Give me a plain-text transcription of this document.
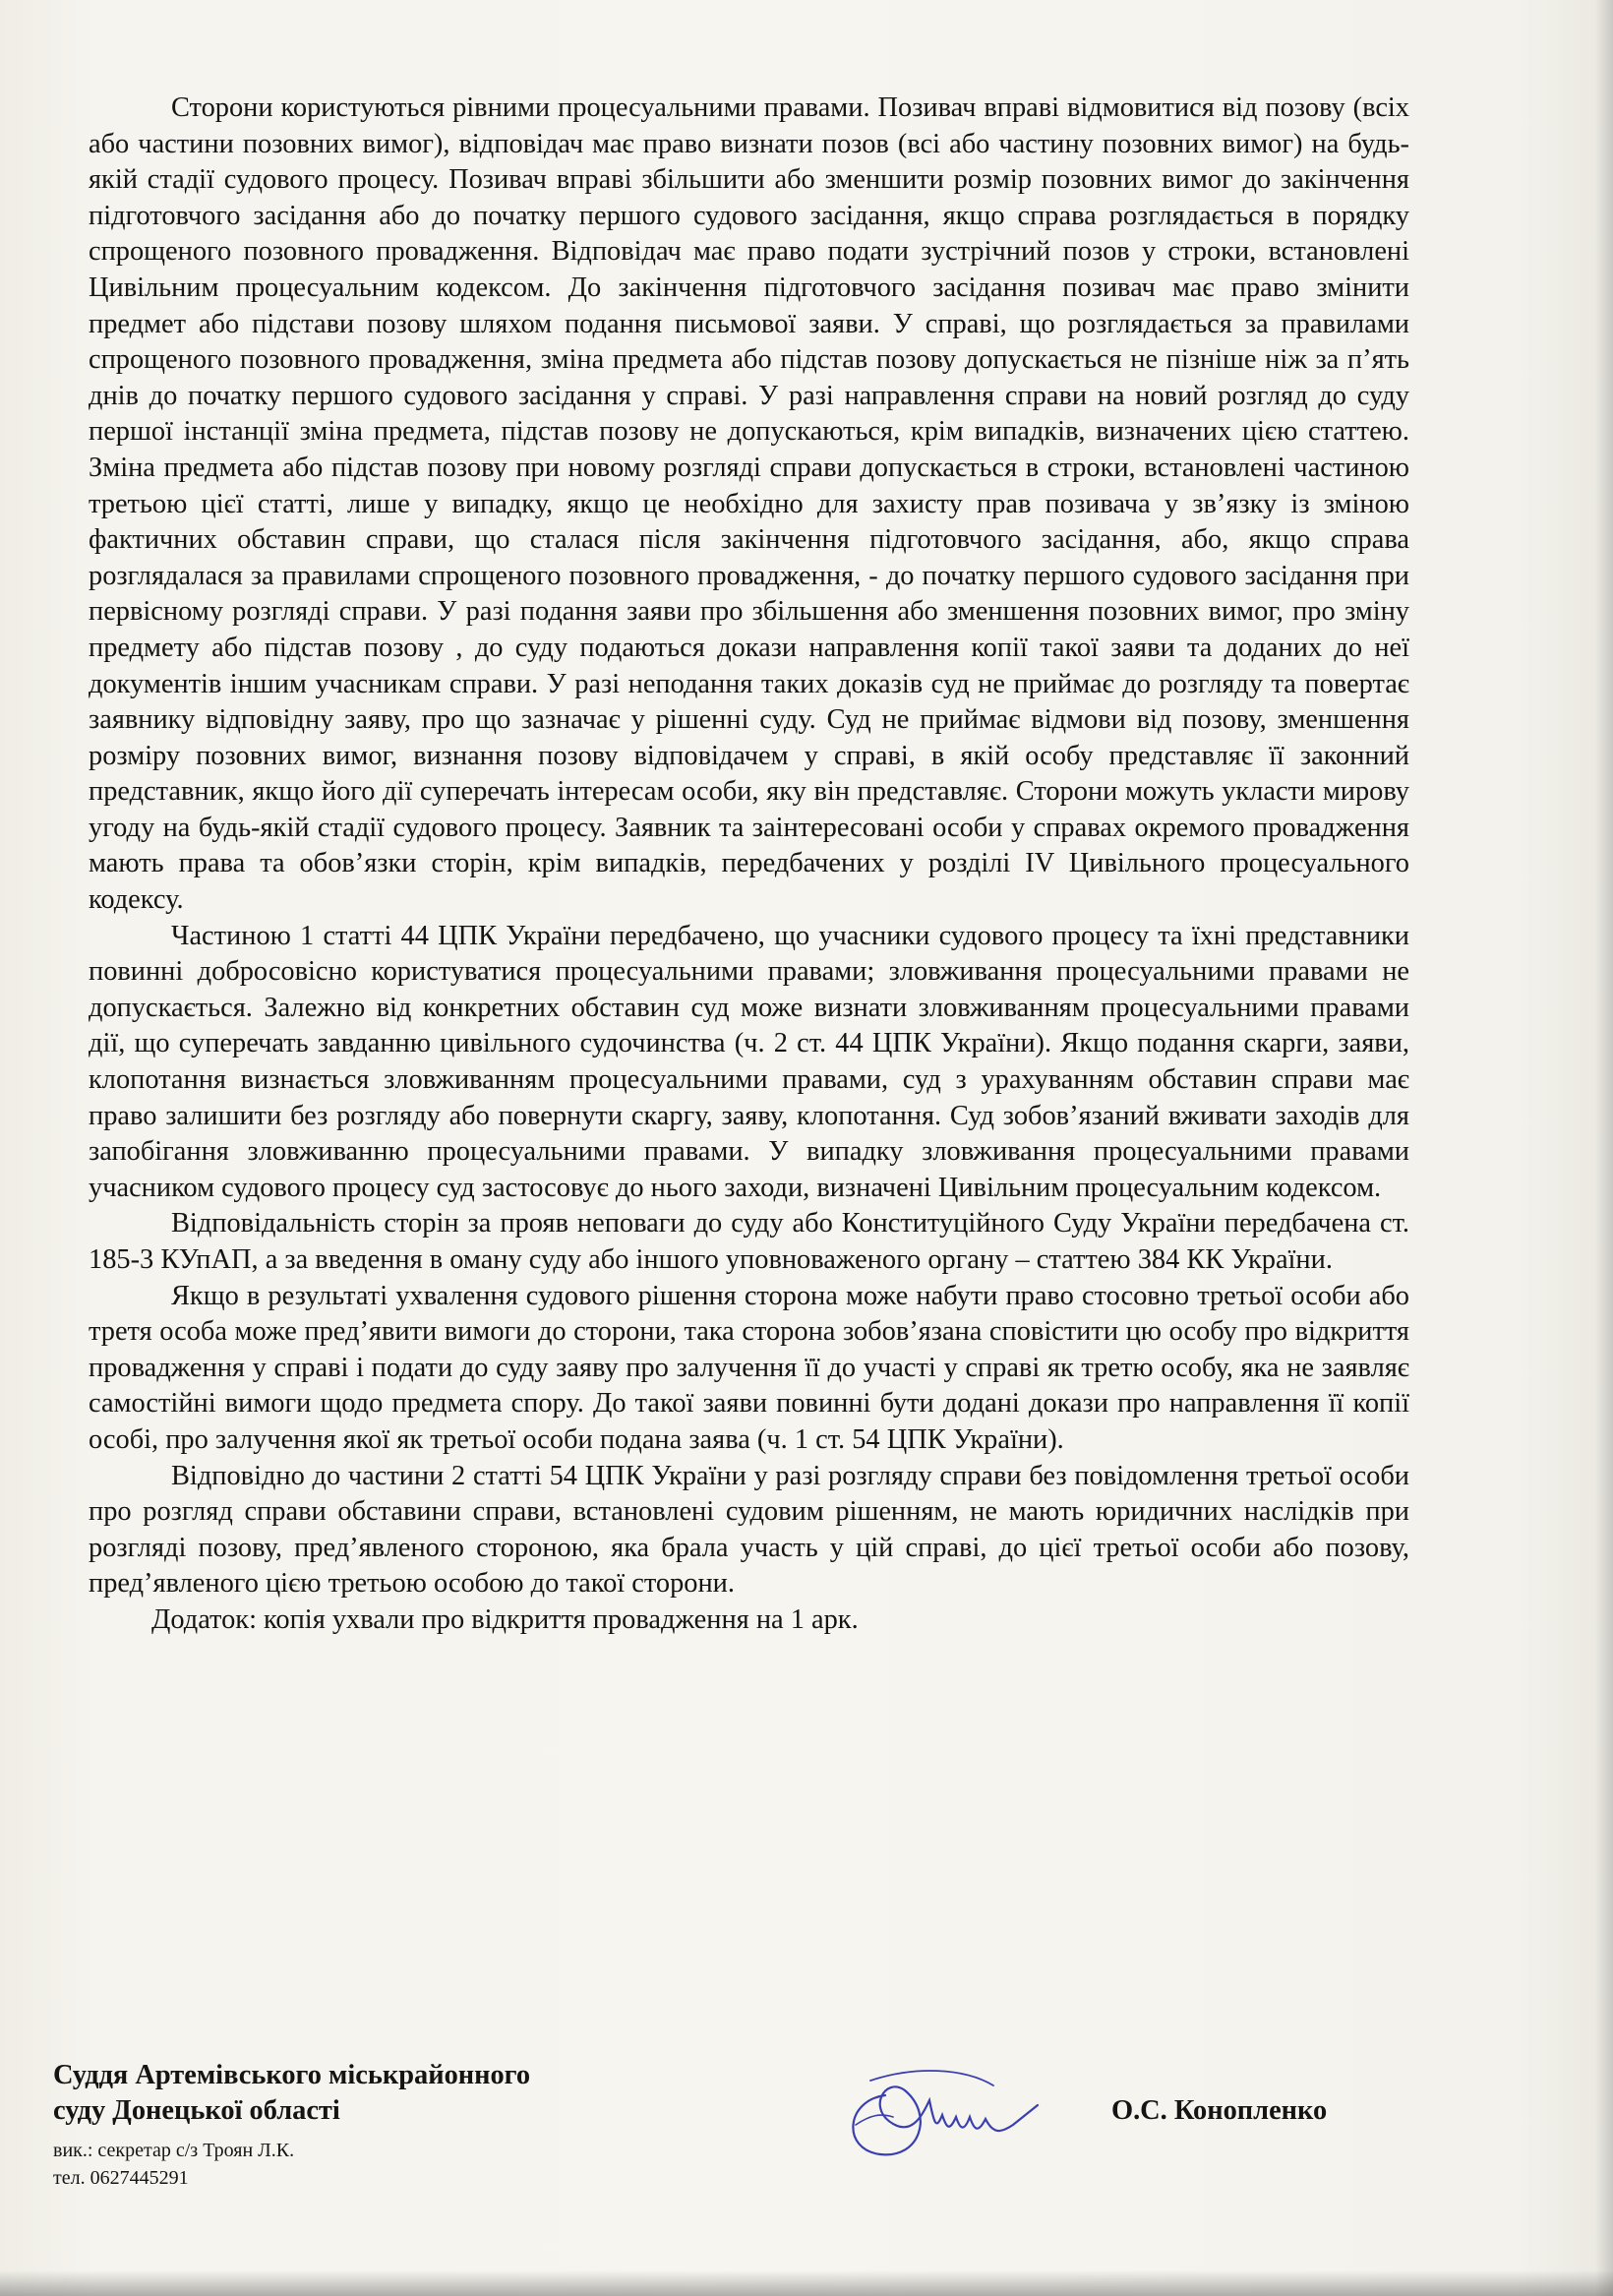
Сторони користуються рівними процесуальними правами. Позивач вправі відмовитися від позову (всіх або частини позовних вимог), відповідач має право визнати позов (всі або частину позовних вимог) на будь-якій стадії судового процесу. Позивач вправі збільшити або зменшити розмір позовних вимог до закінчення підготовчого засідання або до початку першого судового засідання, якщо справа розглядається в порядку спрощеного позовного провадження. Відповідач має право подати зустрічний позов у строки, встановлені Цивільним процесуальним кодексом. До закінчення підготовчого засідання позивач має право змінити предмет або підстави позову шляхом подання письмової заяви. У справі, що розглядається за правилами спрощеного позовного провадження, зміна предмета або підстав позову допускається не пізніше ніж за п’ять днів до початку першого судового засідання у справі. У разі направлення справи на новий розгляд до суду першої інстанції зміна предмета, підстав позову не допускаються, крім випадків, визначених цією статтею. Зміна предмета або підстав позову при новому розгляді справи допускається в строки, встановлені частиною третьою цієї статті, лише у випадку, якщо це необхідно для захисту прав позивача у зв’язку із зміною фактичних обставин справи, що сталася після закінчення підготовчого засідання, або, якщо справа розглядалася за правилами спрощеного позовного провадження, - до початку першого судового засідання при первісному розгляді справи. У разі подання заяви про збільшення або зменшення позовних вимог, про зміну предмету або підстав позову , до суду подаються докази направлення копії такої заяви та доданих до неї документів іншим учасникам справи. У разі неподання таких доказів суд не приймає до розгляду та повертає заявнику відповідну заяву, про що зазначає у рішенні суду. Суд не приймає відмови від позову, зменшення розміру позовних вимог, визнання позову відповідачем у справі, в якій особу представляє її законний представник, якщо його дії суперечать інтересам особи, яку він представляє. Сторони можуть укласти мирову угоду на будь-якій стадії судового процесу. Заявник та заінтересовані особи у справах окремого провадження мають права та обов’язки сторін, крім випадків, передбачених у розділі IV Цивільного процесуального кодексу.

Частиною 1 статті 44 ЦПК України передбачено, що учасники судового процесу та їхні представники повинні добросовісно користуватися процесуальними правами; зловживання процесуальними правами не допускається. Залежно від конкретних обставин суд може визнати зловживанням процесуальними правами дії, що суперечать завданню цивільного судочинства (ч. 2 ст. 44 ЦПК України). Якщо подання скарги, заяви, клопотання визнається зловживанням процесуальними правами, суд з урахуванням обставин справи має право залишити без розгляду або повернути скаргу, заяву, клопотання. Суд зобов’язаний вживати заходів для запобігання зловживанню процесуальними правами. У випадку зловживання процесуальними правами учасником судового процесу суд застосовує до нього заходи, визначені Цивільним процесуальним кодексом.

Відповідальність сторін за прояв неповаги до суду або Конституційного Суду України передбачена ст. 185-3 КУпАП, а за введення в оману суду або іншого уповноваженого органу – статтею 384 КК України.

Якщо в результаті ухвалення судового рішення сторона може набути право стосовно третьої особи або третя особа може пред’явити вимоги до сторони, така сторона зобов’язана сповістити цю особу про відкриття провадження у справі і подати до суду заяву про залучення її до участі у справі як третю особу, яка не заявляє самостійні вимоги щодо предмета спору. До такої заяви повинні бути додані докази про направлення її копії особі, про залучення якої як третьої особи подана заява (ч. 1 ст. 54 ЦПК України).

Відповідно до частини 2 статті 54 ЦПК України у разі розгляду справи без повідомлення третьої особи про розгляд справи обставини справи, встановлені судовим рішенням, не мають юридичних наслідків при розгляді позову, пред’явленого стороною, яка брала участь у цій справі, до цієї третьої особи або позову, пред’явленого цією третьою особою до такої сторони.

Додаток: копія ухвали про відкриття провадження на 1 арк.

Суддя Артемівського міськрайонного
суду Донецької області	О.С. Конопленко
вик.: секретар с/з Троян Л.К.
тел. 0627445291
